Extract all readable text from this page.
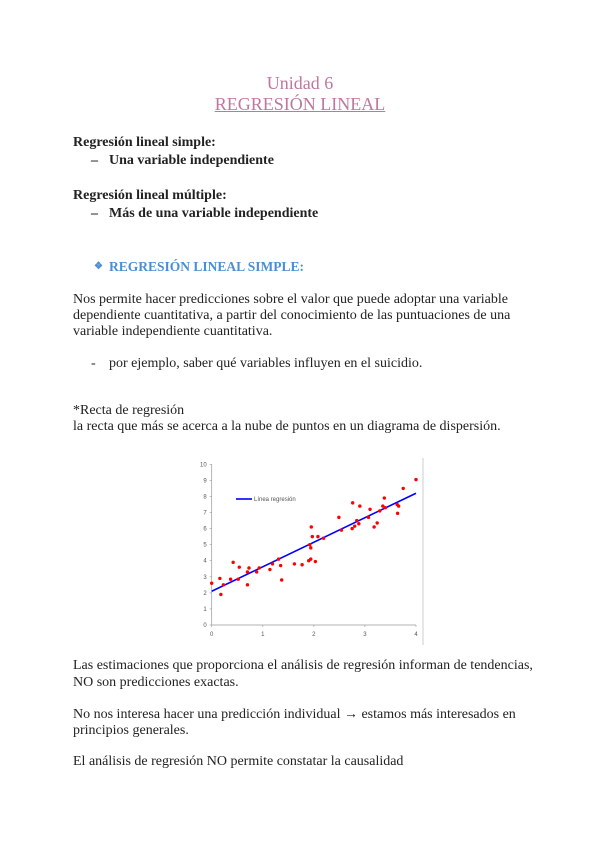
Unidad 6
REGRESIÓN LINEAL
Regresión lineal simple:
– Una variable independiente
Regresión lineal múltiple:
– Más de una variable independiente
❖ REGRESIÓN LINEAL SIMPLE:
Nos permite hacer predicciones sobre el valor que puede adoptar una variable
dependiente cuantitativa, a partir del conocimiento de las puntuaciones de una
variable independiente cuantitativa.
- por ejemplo, saber qué variables influyen en el suicidio.
*Recta de regresión
la recta que más se acerca a la nube de puntos en un diagrama de dispersión.
0
1
2
3
4
5
6
7
8
9
10
0	1	2	3	4
Línea regresión
Las estimaciones que proporciona el análisis de regresión informan de tendencias,
NO son predicciones exactas.
No nos interesa hacer una predicción individual → estamos más interesados en
principios generales.
El análisis de regresión NO permite constatar la causalidad
